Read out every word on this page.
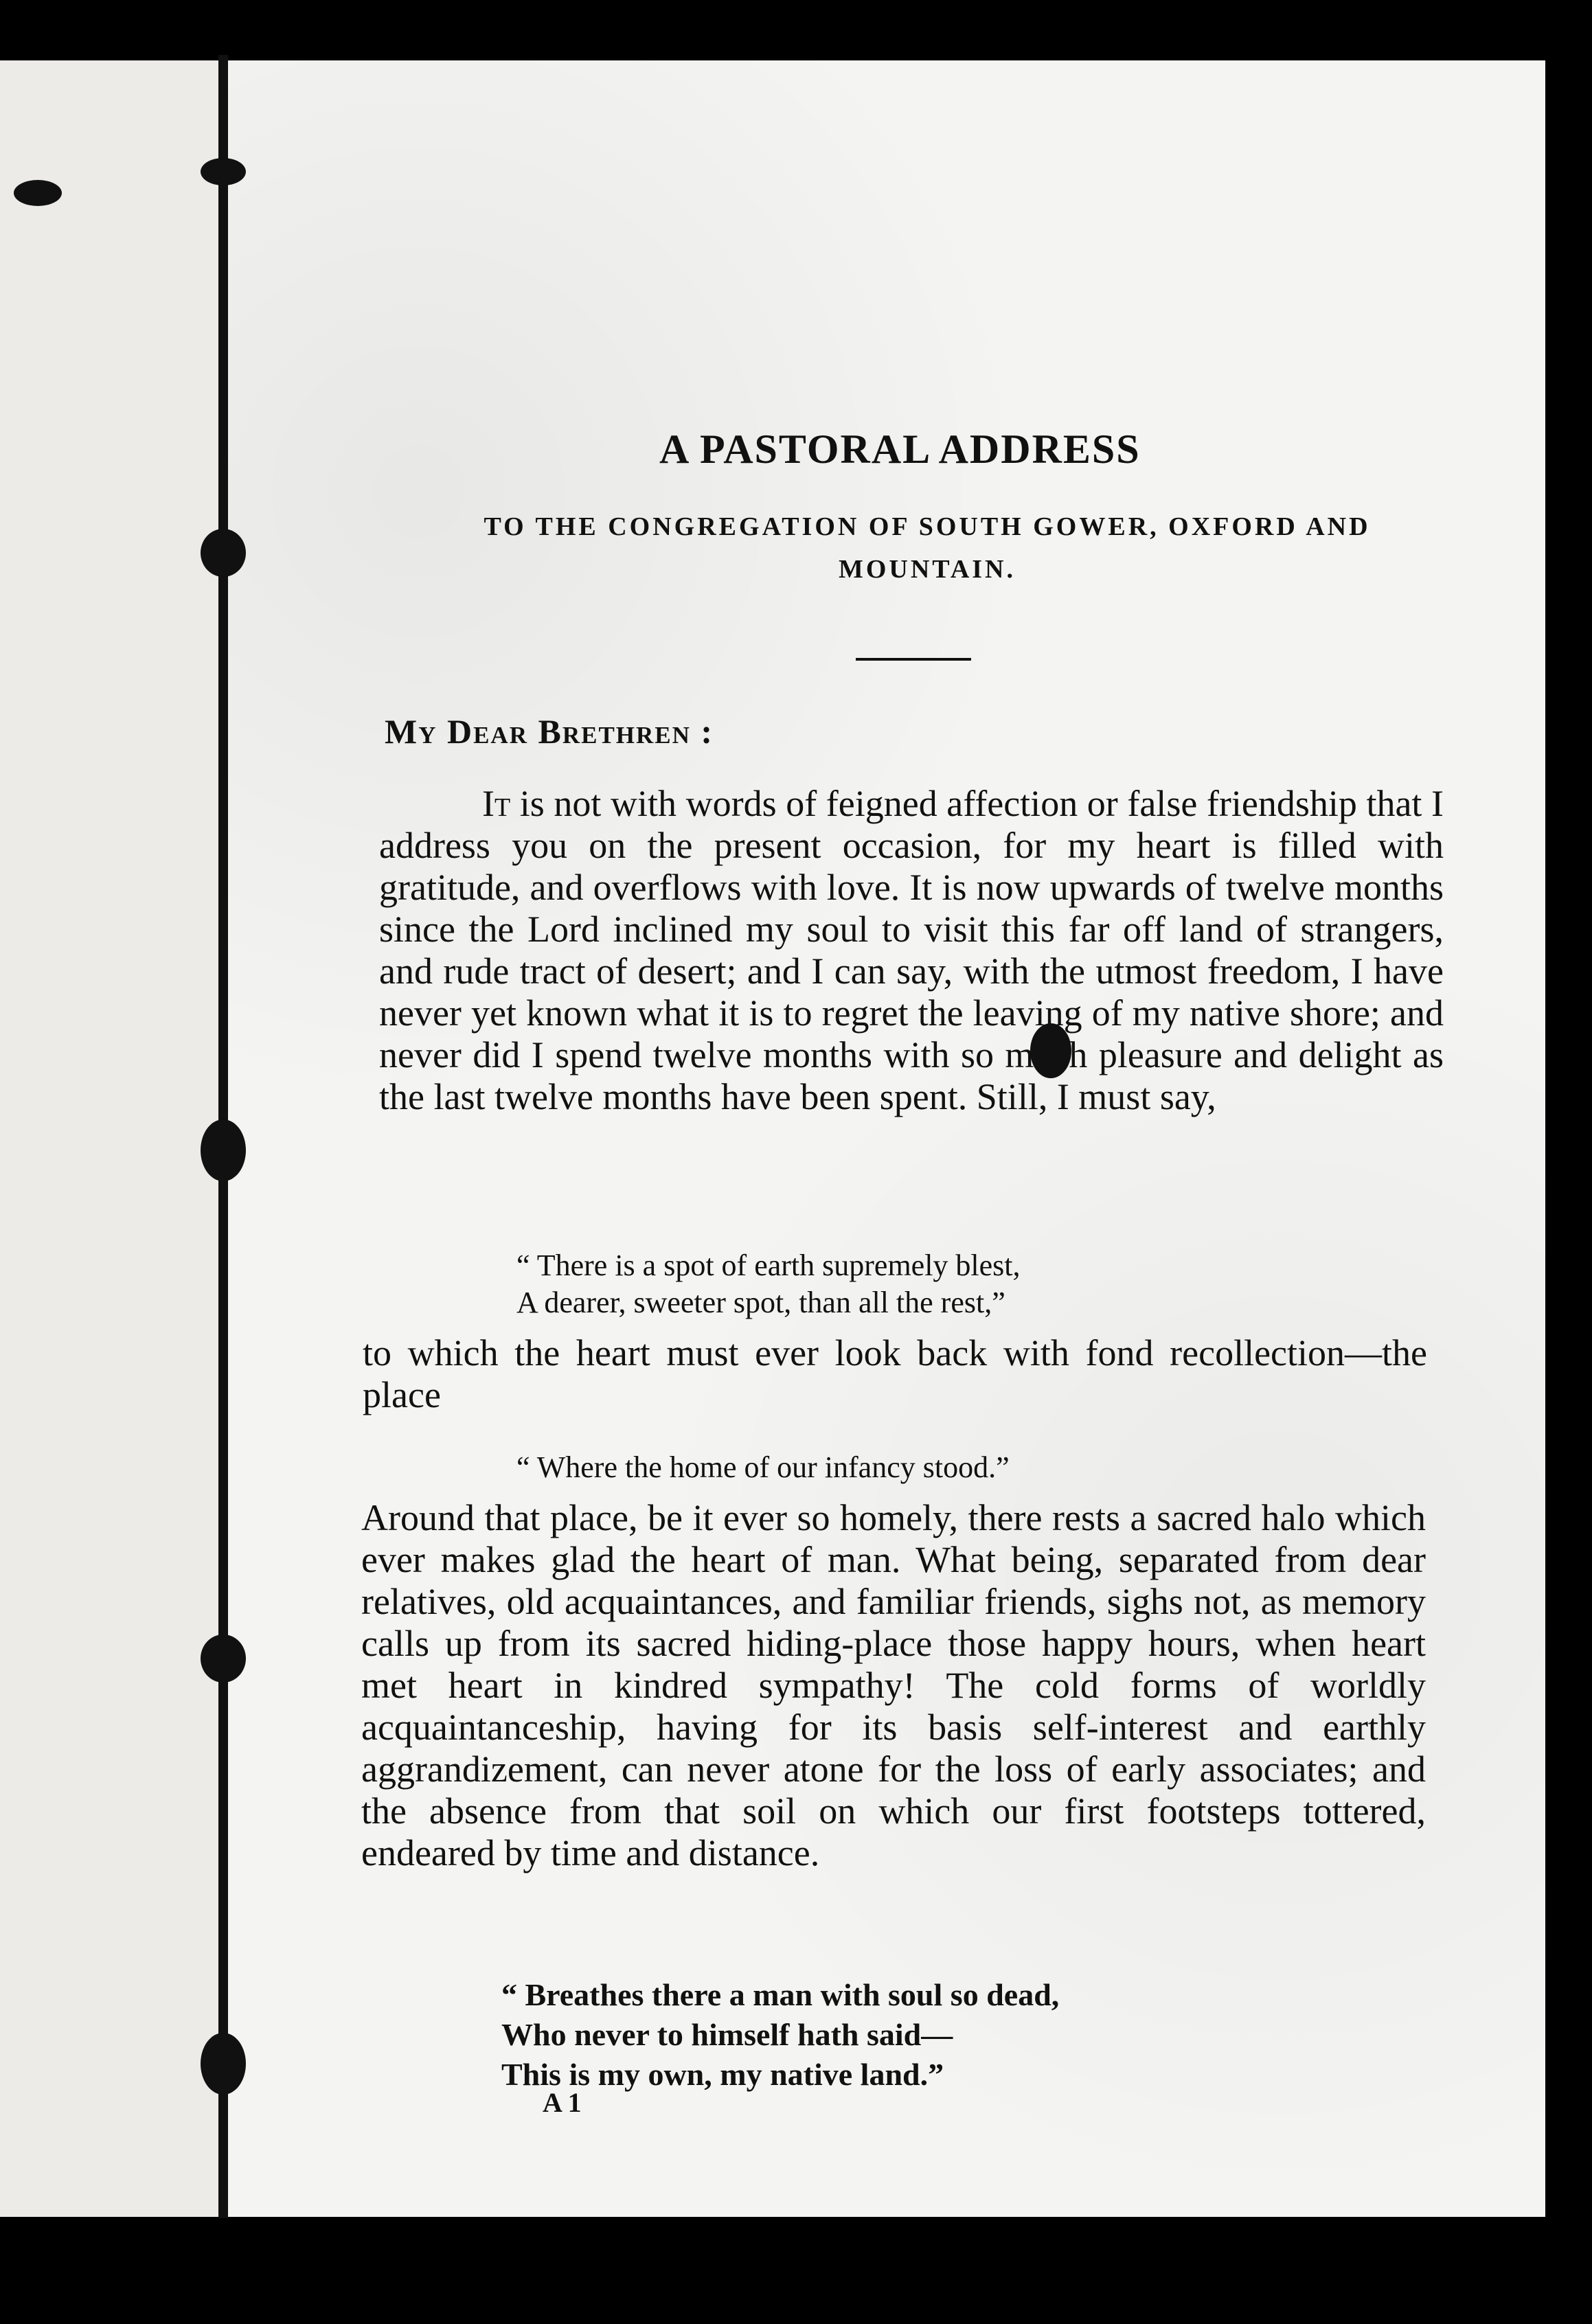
A PASTORAL ADDRESS
TO THE CONGREGATION OF SOUTH GOWER, OXFORD AND MOUNTAIN.
My Dear Brethren :
It is not with words of feigned affection or false friendship that I address you on the present occasion, for my heart is filled with gratitude, and overflows with love. It is now upwards of twelve months since the Lord inclined my soul to visit this far off land of strangers, and rude tract of desert; and I can say, with the utmost freedom, I have never yet known what it is to regret the leaving of my native shore; and never did I spend twelve months with so much pleasure and delight as the last twelve months have been spent. Still, I must say,
“ There is a spot of earth supremely blest,
A dearer, sweeter spot, than all the rest,”
to which the heart must ever look back with fond recollection—the place
“ Where the home of our infancy stood.”
Around that place, be it ever so homely, there rests a sacred halo which ever makes glad the heart of man. What being, separated from dear relatives, old acquaintances, and familiar friends, sighs not, as memory calls up from its sacred hiding-place those happy hours, when heart met heart in kindred sympathy! The cold forms of worldly acquaintanceship, having for its basis self-interest and earthly aggrandizement, can never atone for the loss of early associates; and the absence from that soil on which our first footsteps tottered, endeared by time and distance.
“ Breathes there a man with soul so dead,
Who never to himself hath said—
This is my own, my native land.”
A 1
